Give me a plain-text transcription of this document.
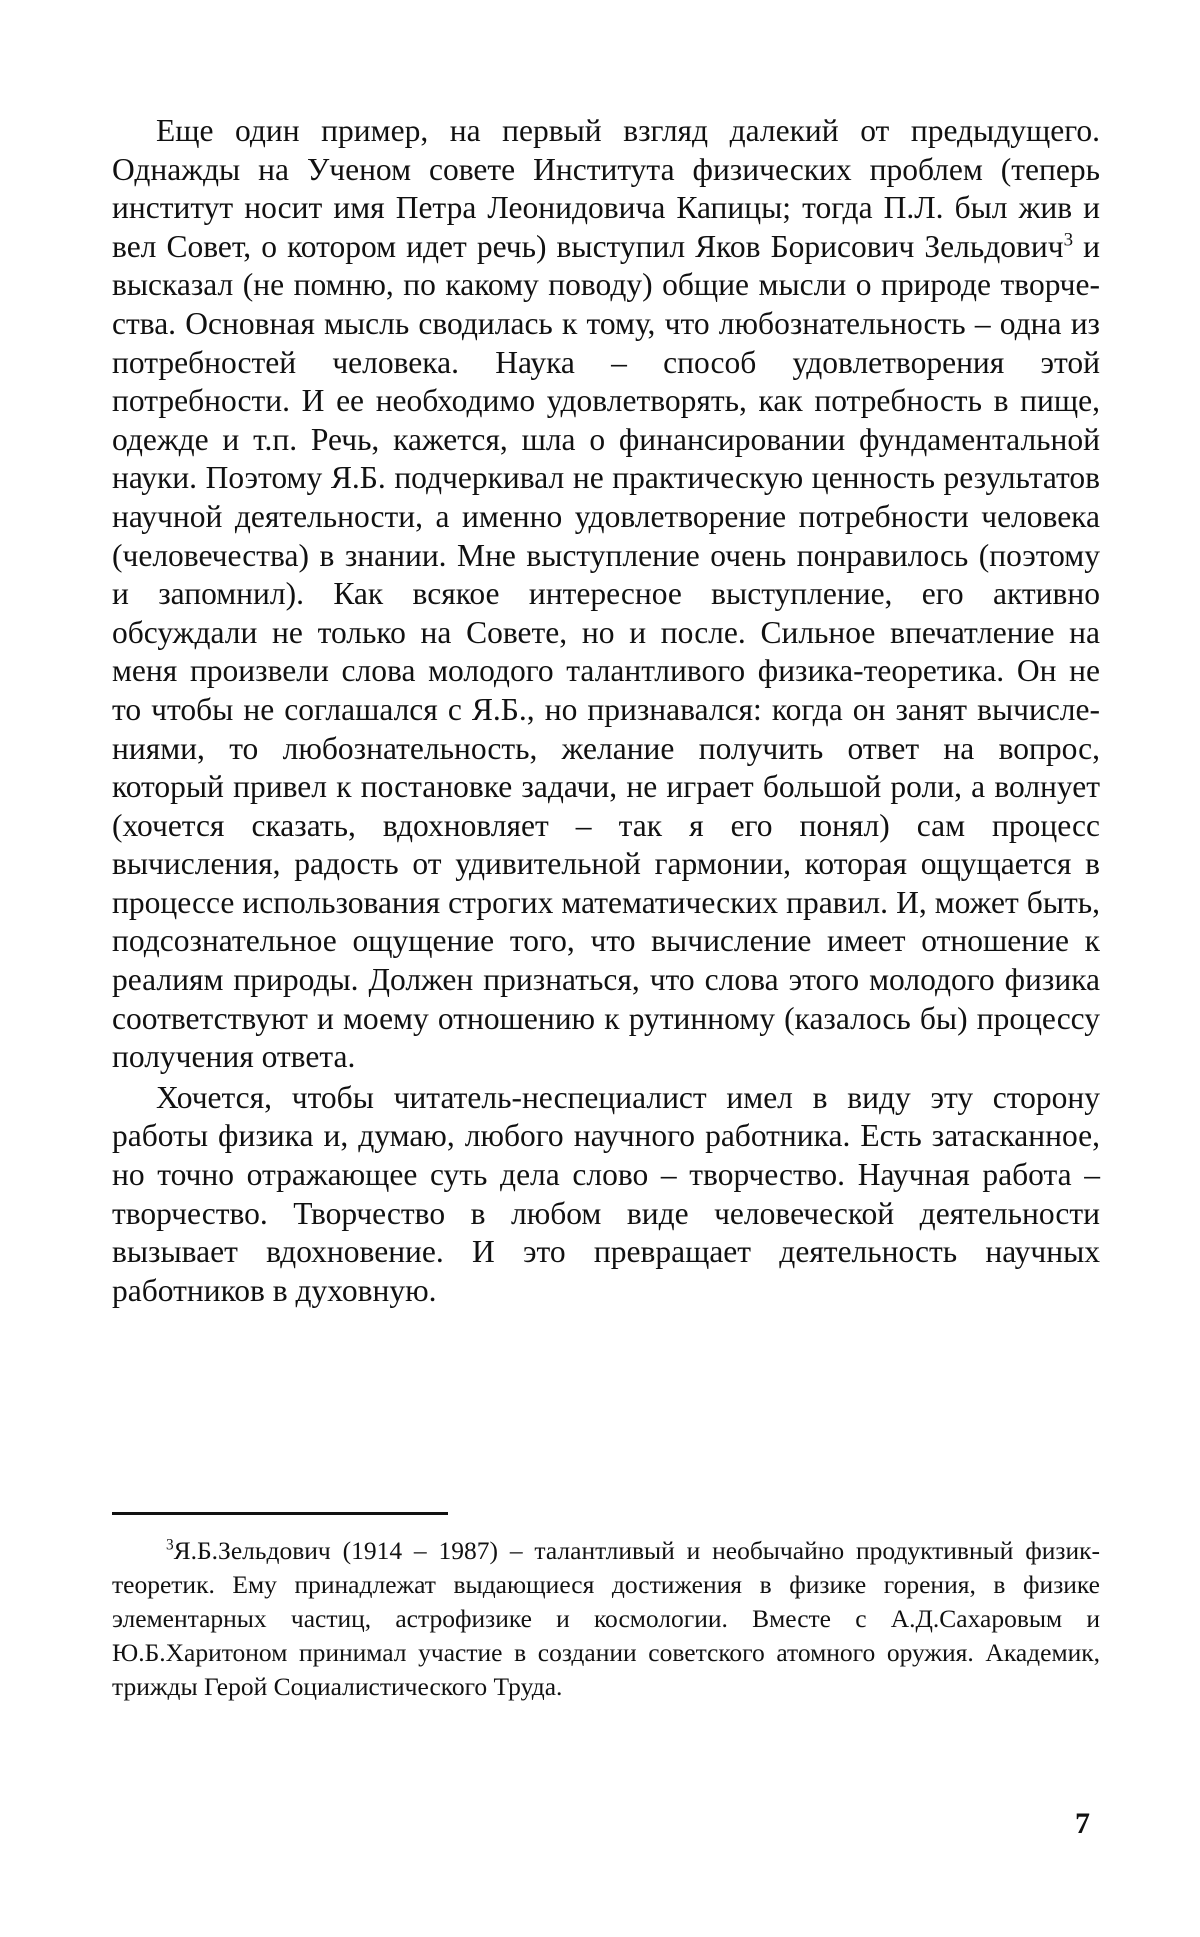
Еще один пример, на первый взгляд далекий от предыдущего. Однажды на Ученом совете Института физических проблем (теперь институт носит имя Петра Леонидовича Капицы; тогда П.Л. был жив и вел Совет, о котором идет речь) выступил Яков Борисович Зельдович$^3$ и высказал (не помню, по какому поводу) общие мысли о природе творчества. Основная мысль сводилась к тому, что любознательность – одна из потребностей человека. Наука – способ удовлетворения этой потребности. И ее необходимо удовлетворять, как потребность в пище, одежде и т.п. Речь, кажется, шла о финансировании фундаментальной науки. Поэтому Я.Б. подчеркивал не практическую ценность результатов научной деятельности, а именно удовлетворение потребности человека (человечества) в знании. Мне выступление очень понравилось (поэтому и запомнил). Как всякое интересное выступление, его активно обсуждали не только на Совете, но и после. Сильное впечатление на меня произвели слова молодого талантливого физика-теоретика. Он не то чтобы не соглашался с Я.Б., но признавался: когда он занят вычислениями, то любознательность, желание получить ответ на вопрос, который привел к постановке задачи, не играет большой роли, а волнует (хочется сказать, вдохновляет – так я его понял) сам процесс вычисления, радость от удивительной гармонии, которая ощущается в процессе использования строгих математических правил. И, может быть, подсознательное ощущение того, что вычисление имеет отношение к реалиям природы. Должен признаться, что слова этого молодого физика соответствуют и моему отношению к рутинному (казалось бы) процессу получения ответа.

Хочется, чтобы читатель-неспециалист имел в виду эту сторону работы физика и, думаю, любого научного работника. Есть затасканное, но точно отражающее суть дела слово – творчество. Научная работа – творчество. Творчество в любом виде человеческой деятельности вызывает вдохновение. И это превращает деятельность научных работников в духовную.

$^3$Я.Б.Зельдович (1914 – 1987) – талантливый и необычайно продуктивный физик-теоретик. Ему принадлежат выдающиеся достижения в физике горения, в физике элементарных частиц, астрофизике и космологии. Вместе с А.Д.Сахаровым и Ю.Б.Харитоном принимал участие в создании советского атомного оружия. Академик, трижды Герой Социалистического Труда.

7
